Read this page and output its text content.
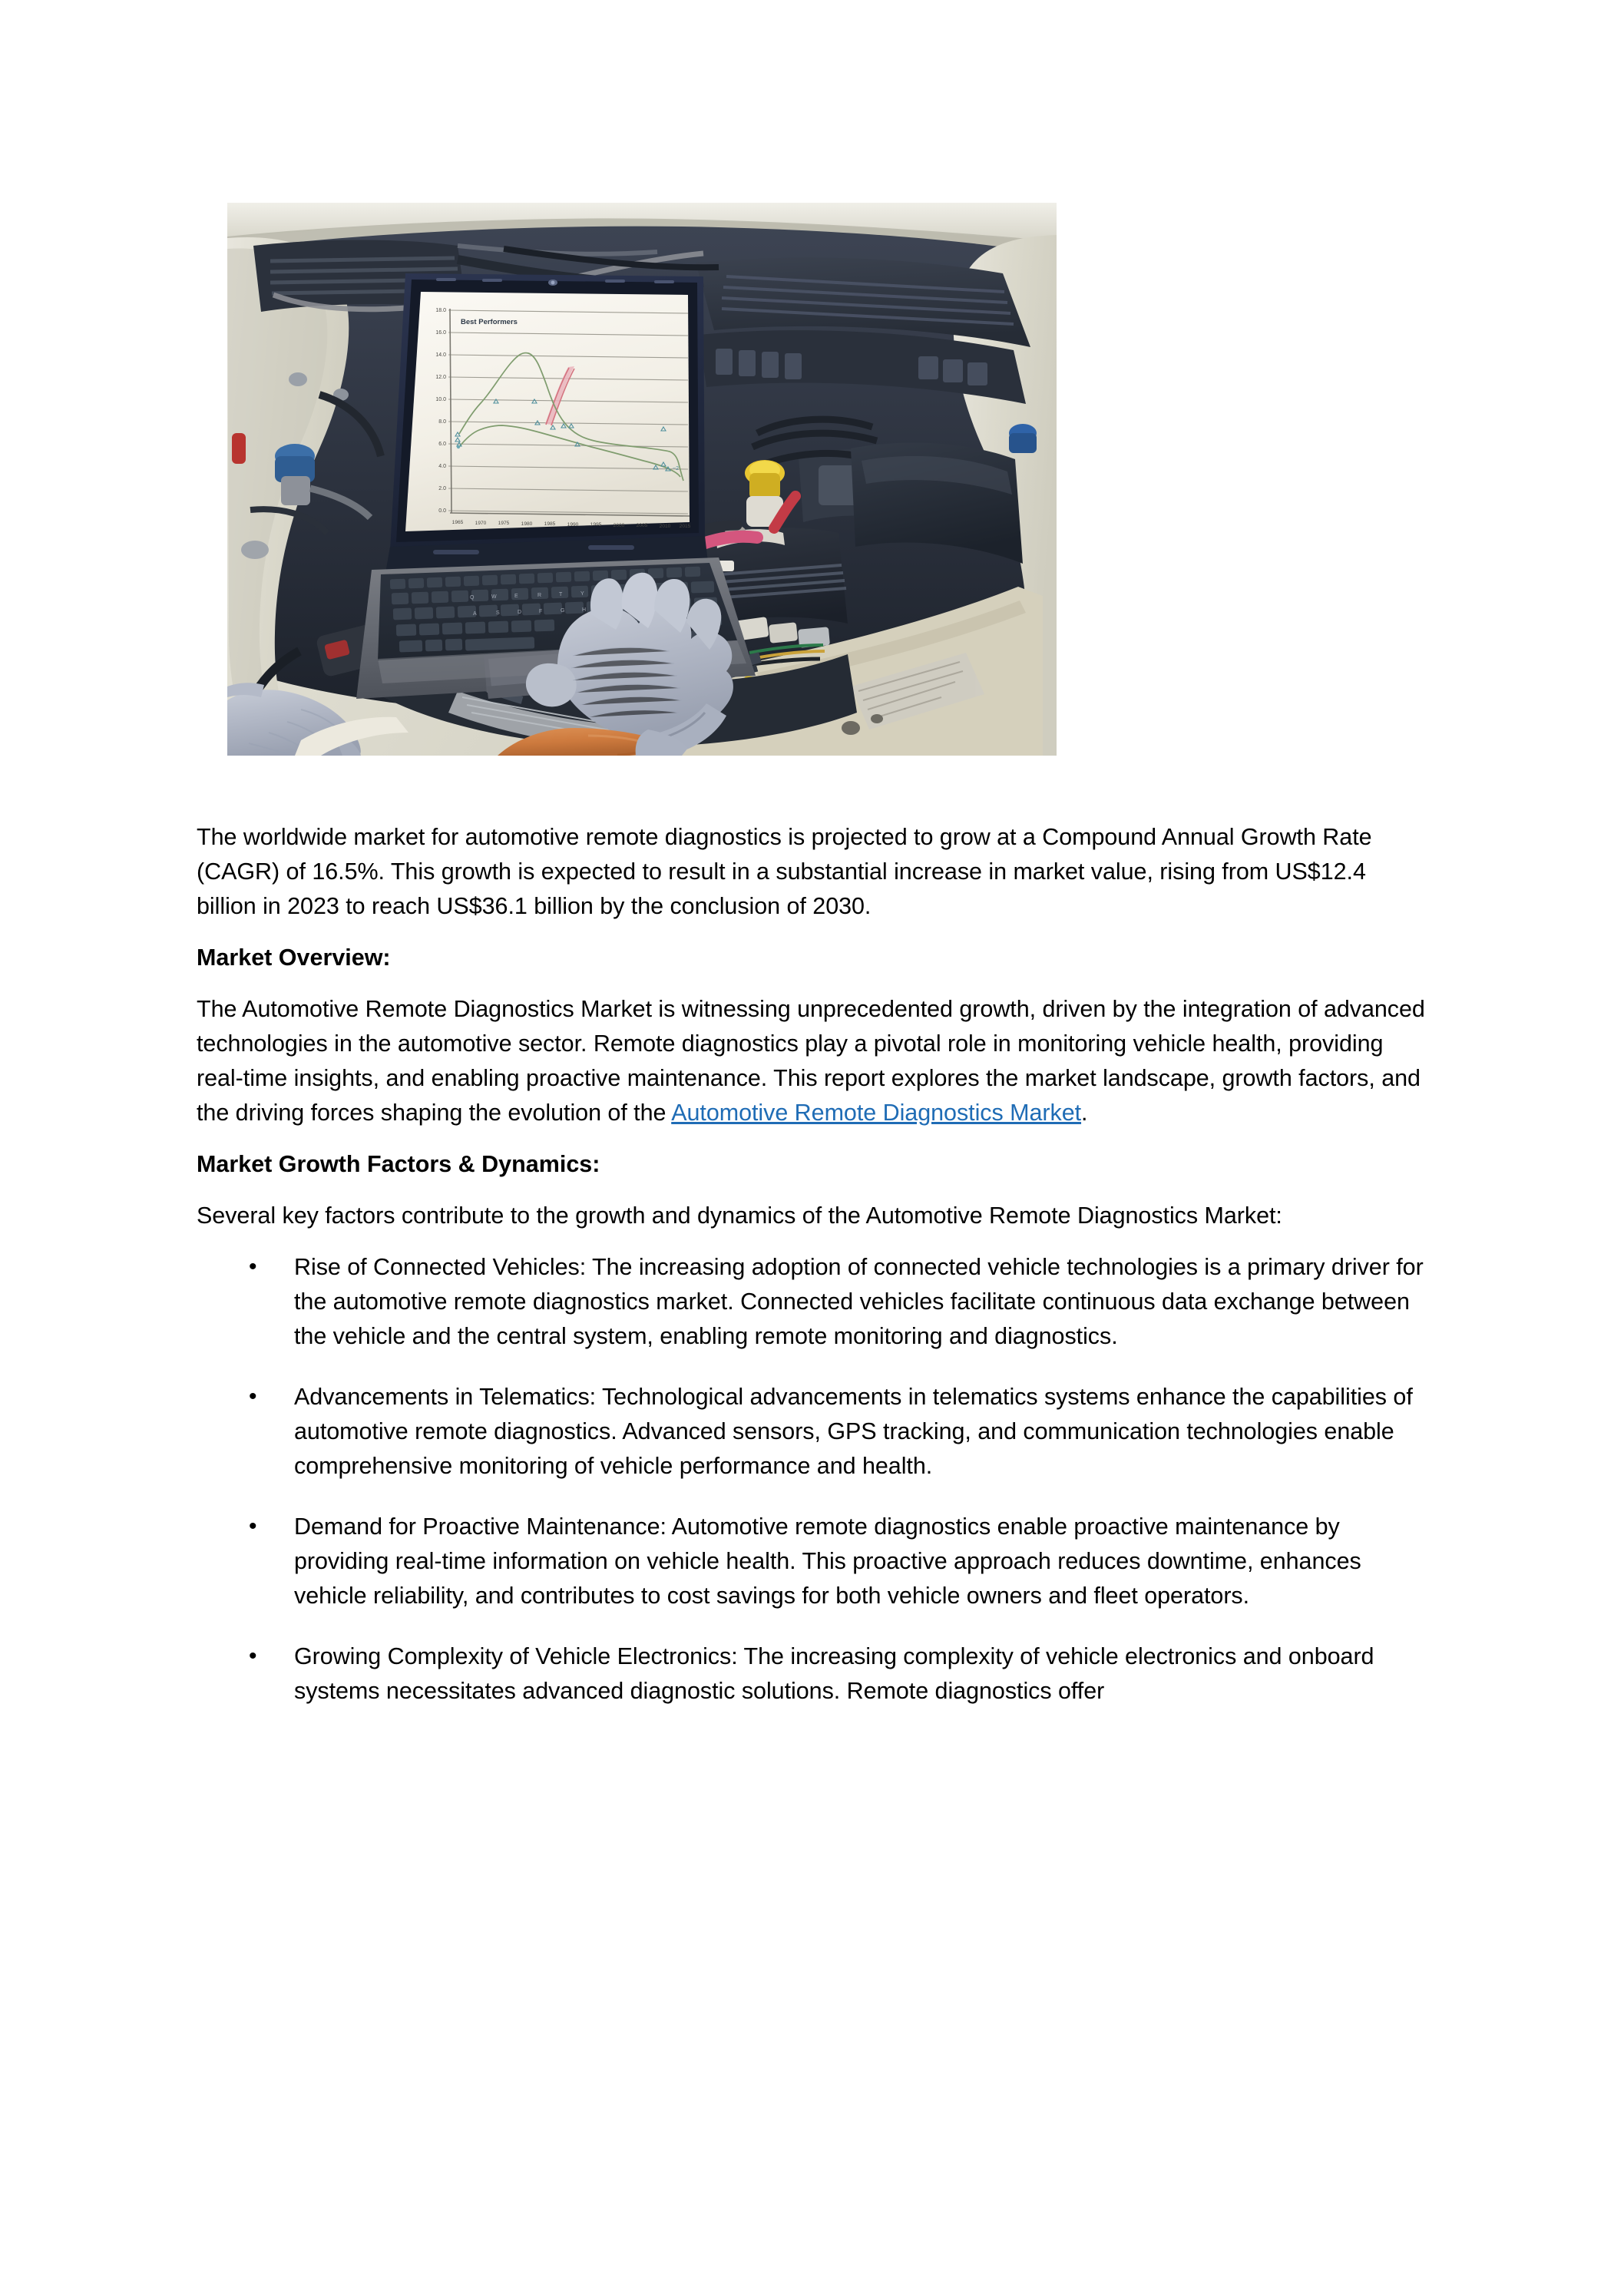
18.0
16.0
14.0
12.0
10.0
8.0
6.0
4.0
2.0
0.0
1965 1970 1975 1980 1985 1990 1995 2000 2005 2010 2015
Best Performers
~2
Q	W	E	R	T	Y
A	S	D	F	G	H

The worldwide market for automotive remote diagnostics is projected to grow at a Compound Annual Growth Rate (CAGR) of 16.5%. This growth is expected to result in a substantial increase in market value, rising from US$12.4 billion in 2023 to reach US$36.1 billion by the conclusion of 2030.

Market Overview:

The Automotive Remote Diagnostics Market is witnessing unprecedented growth, driven by the integration of advanced technologies in the automotive sector. Remote diagnostics play a pivotal role in monitoring vehicle health, providing real-time insights, and enabling proactive maintenance. This report explores the market landscape, growth factors, and the driving forces shaping the evolution of the Automotive Remote Diagnostics Market.

Market Growth Factors & Dynamics:

Several key factors contribute to the growth and dynamics of the Automotive Remote Diagnostics Market:

• Rise of Connected Vehicles: The increasing adoption of connected vehicle technologies is a primary driver for the automotive remote diagnostics market. Connected vehicles facilitate continuous data exchange between the vehicle and the central system, enabling remote monitoring and diagnostics.
• Advancements in Telematics: Technological advancements in telematics systems enhance the capabilities of automotive remote diagnostics. Advanced sensors, GPS tracking, and communication technologies enable comprehensive monitoring of vehicle performance and health.
• Demand for Proactive Maintenance: Automotive remote diagnostics enable proactive maintenance by providing real-time information on vehicle health. This proactive approach reduces downtime, enhances vehicle reliability, and contributes to cost savings for both vehicle owners and fleet operators.
• Growing Complexity of Vehicle Electronics: The increasing complexity of vehicle electronics and onboard systems necessitates advanced diagnostic solutions. Remote diagnostics offer
